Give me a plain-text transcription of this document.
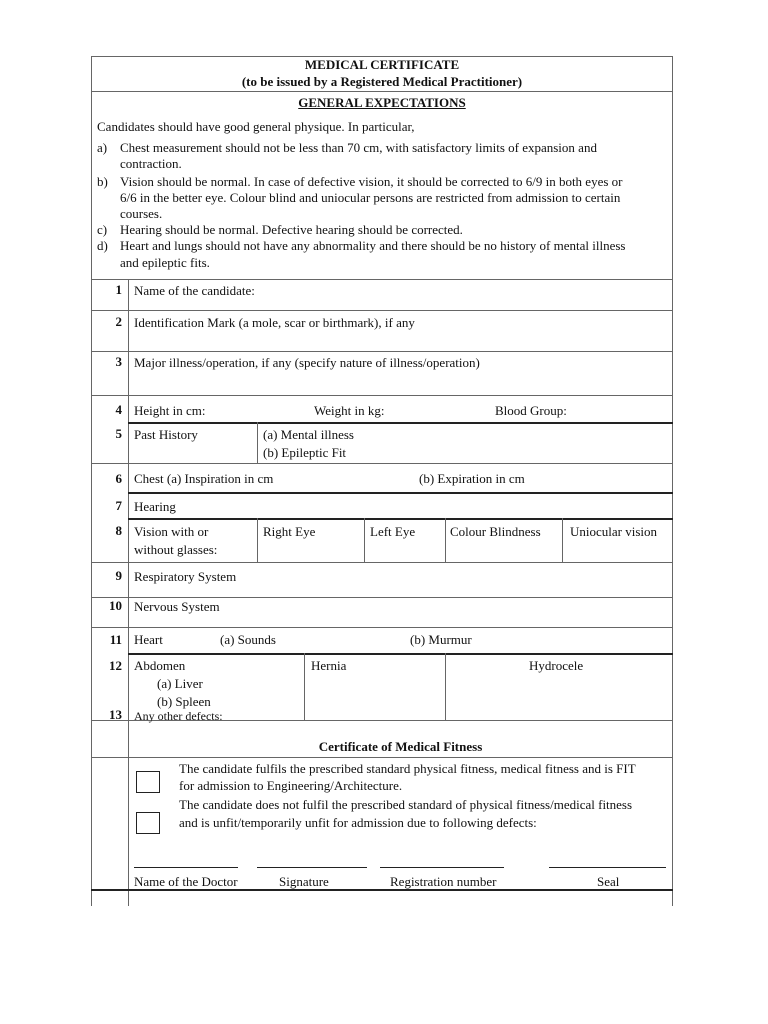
MEDICAL CERTIFICATE
(to be issued by a Registered Medical Practitioner)
GENERAL EXPECTATIONS
Candidates should have good general physique. In particular,
a) Chest measurement should not be less than 70 cm, with satisfactory limits of expansion and
contraction.
b) Vision should be normal. In case of defective vision, it should be corrected to 6/9 in both eyes or
6/6 in the better eye. Colour blind and uniocular persons are restricted from admission to certain
courses.
c) Hearing should be normal. Defective hearing should be corrected.
d) Heart and lungs should not have any abnormality and there should be no history of mental illness
and epileptic fits.
1 Name of the candidate:
2 Identification Mark (a mole, scar or birthmark), if any
3 Major illness/operation, if any (specify nature of illness/operation)
4 Height in cm:	Weight in kg:	Blood Group:
5 Past History	(a) Mental illness
(b) Epileptic Fit
6 Chest (a) Inspiration in cm	(b) Expiration in cm
7 Hearing
8 Vision with or
without glasses:
Right Eye	Left Eye	Colour Blindness Uniocular vision
9 Respiratory System
10 Nervous System
11 Heart	(a) Sounds	(b) Murmur
12 Abdomen
(a) Liver
(b) Spleen
Hernia	Hydrocele
13 Any other defects:
Certificate of Medical Fitness
The candidate fulfils the prescribed standard physical fitness, medical fitness and is FIT
for admission to Engineering/Architecture.
The candidate does not fulfil the prescribed standard of physical fitness/medical fitness
and is unfit/temporarily unfit for admission due to following defects:
Name of the Doctor	Signature	Registration number	Seal
